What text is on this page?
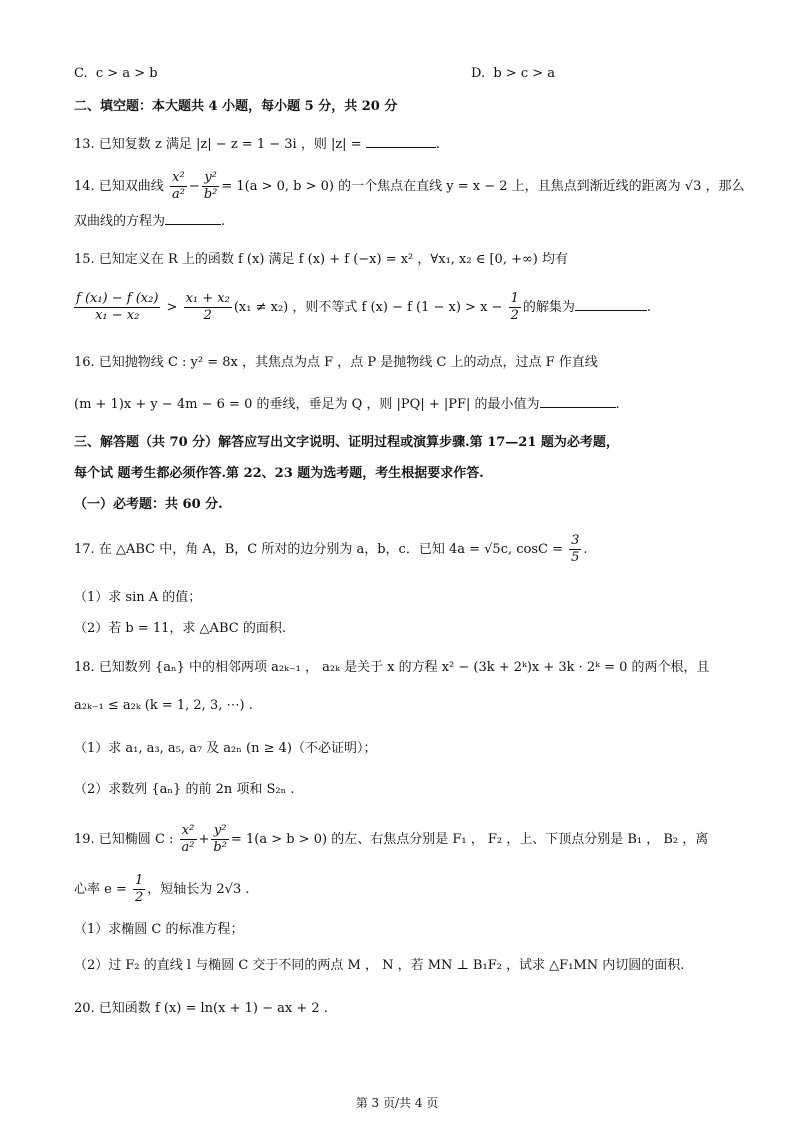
C.  c > a > b	D.  b > c > a
二、填空题：本大题共 4 小题，每小题 5 分，共 20 分
13. 已知复数 z 满足 |z| − z = 1 − 3i ，则 |z| =	.
14. 已知双曲线 $\frac{\text{x²}}{\text{a²}} - \frac{\text{y²}}{\text{b²}} = 1(a > 0$, b > 0) 的一个焦点在直线 y = x − 2 上，且焦点到渐近线的距离为 √3 ，那么
双曲线的方程为	.
15. 已知定义在 R 上的函数 f (x) 满足 f (x) + f (−x) = x² ，∀x₁, x₂ ∈ [0, +∞) 均有
$\frac{\text{f (x₁) − f (x₂)}}{\text{x₁ − x₂}} > \frac{\text{x₁ + x₂}}{2} (x_1 \ne x_2)$ ，则不等式 f (x) − f $(1 - x) > x - \frac{1}{2}$ 的解集为	.
16. 已知抛物线 C : y² = 8x ，其焦点为点 F ，点 P 是抛物线 C 上的动点，过点 F 作直线
(m + 1)x + y − 4m − 6 = 0 的垂线，垂足为 Q ，则 |PQ| + |PF| 的最小值为	.
三、解答题（共 70 分）解答应写出文字说明、证明过程或演算步骤.第 17—21 题为必考题，
每个试 题考生都必须作答.第 22、23 题为选考题，考生根据要求作答.
（一）必考题：共 60 分.
17. 在 △ABC 中，角 A，B，C 所对的边分别为 a，b，c．已知 4a = √5c, $\cos C = \frac{3}{5}$ .
（1）求 sin A 的值；
（2）若 b = 11，求 △ABC 的面积.
18. 已知数列 {aₙ} 中的相邻两项 a₂ₖ₋₁ ， a₂ₖ 是关于 x 的方程 x² − (3k + 2ᵏ)x + 3k · 2ᵏ = 0 的两个根，且
a₂ₖ₋₁ ≤ a₂ₖ (k = 1, 2, 3, ⋯) .
（1）求 a₁, a₃, a₅, a₇ 及 a₂ₙ (n ≥ 4)（不必证明）；
（2）求数列 {aₙ} 的前 2n 项和 S₂ₙ .
19. 已知椭圆 C : $\frac{\text{x²}}{\text{a²}} + \frac{\text{y²}}{\text{b²}} = 1(a > b > 0)$ 的左、右焦点分别是 F₁ ， F₂ ，上、下顶点分别是 B₁ ， B₂ ，离
心率 $e = \frac{1}{2}$ ，短轴长为 2√3 .
（1）求椭圆 C 的标准方程；
（2）过 F₂ 的直线 l 与椭圆 C 交于不同的两点 M ， N ，若 MN ⊥ B₁F₂ ，试求 △F₁MN 内切圆的面积.
20. 已知函数 f (x) = ln(x + 1) − ax + 2 .
第 3 页/共 4 页
